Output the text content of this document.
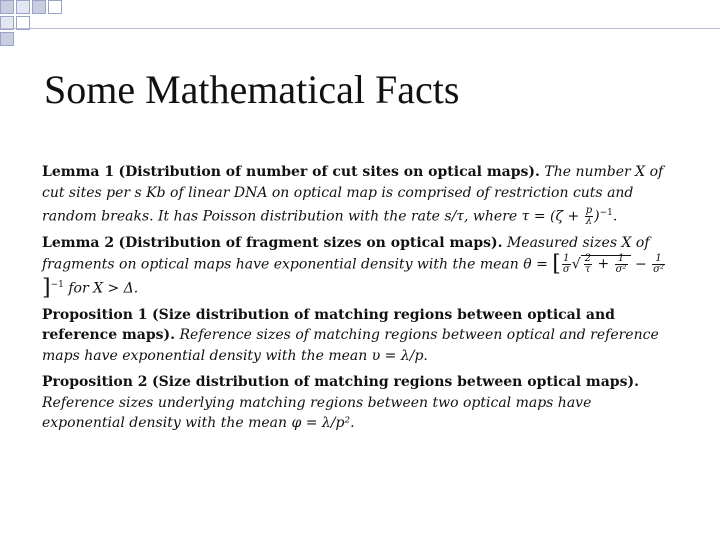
Some Mathematical Facts

Lemma 1 (Distribution of number of cut sites on optical maps). The number X of cut sites per s Kb of linear DNA on optical map is comprised of restriction cuts and random breaks. It has Poisson distribution with the rate s/τ, where $\tau = (\zeta + \frac{p}{\lambda} )^{-1}$.

Lemma 2 (Distribution of fragment sizes on optical maps). Measured sizes X of fragments on optical maps have exponential density with the mean θ = [ $\frac{1}{\sigma}$ √ $\frac{2}{\tau} + \frac{1}{\text{σ²}} - \frac{1}{\text{σ²}}$
]$^{-1}$ for X > Δ.

Proposition 1 (Size distribution of matching regions between optical and reference maps). Reference sizes of matching regions between optical and reference maps have exponential density with the mean υ = λ/p.

Proposition 2 (Size distribution of matching regions between optical maps). Reference sizes underlying matching regions between two optical maps have exponential density with the mean φ = λ/p².
